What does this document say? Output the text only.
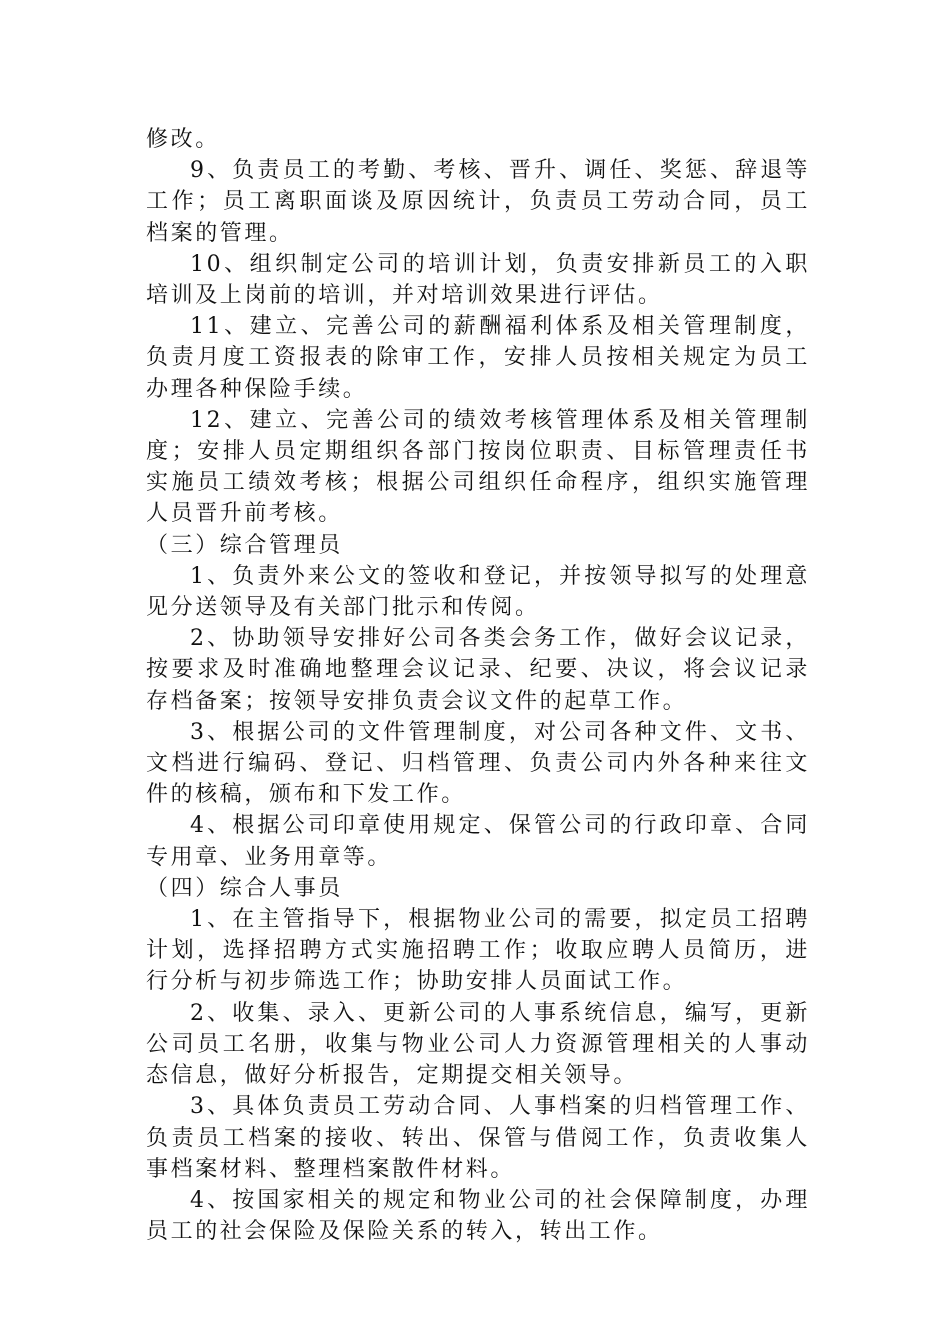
修改。

9、负责员工的考勤、考核、晋升、调任、奖惩、辞退等工作；员工离职面谈及原因统计，负责员工劳动合同，员工档案的管理。

10、组织制定公司的培训计划，负责安排新员工的入职培训及上岗前的培训，并对培训效果进行评估。

11、建立、完善公司的薪酬福利体系及相关管理制度，负责月度工资报表的除审工作，安排人员按相关规定为员工办理各种保险手续。

12、建立、完善公司的绩效考核管理体系及相关管理制度；安排人员定期组织各部门按岗位职责、目标管理责任书实施员工绩效考核；根据公司组织任命程序，组织实施管理人员晋升前考核。

（三）综合管理员

1、负责外来公文的签收和登记，并按领导拟写的处理意见分送领导及有关部门批示和传阅。

2、协助领导安排好公司各类会务工作，做好会议记录，按要求及时准确地整理会议记录、纪要、决议，将会议记录存档备案；按领导安排负责会议文件的起草工作。

3、根据公司的文件管理制度，对公司各种文件、文书、文档进行编码、登记、归档管理、负责公司内外各种来往文件的核稿，颁布和下发工作。

4、根据公司印章使用规定、保管公司的行政印章、合同专用章、业务用章等。

（四）综合人事员

1、在主管指导下，根据物业公司的需要，拟定员工招聘计划，选择招聘方式实施招聘工作；收取应聘人员简历，进行分析与初步筛选工作；协助安排人员面试工作。

2、收集、录入、更新公司的人事系统信息，编写，更新公司员工名册，收集与物业公司人力资源管理相关的人事动态信息，做好分析报告，定期提交相关领导。

3、具体负责员工劳动合同、人事档案的归档管理工作、负责员工档案的接收、转出、保管与借阅工作，负责收集人事档案材料、整理档案散件材料。

4、按国家相关的规定和物业公司的社会保障制度，办理员工的社会保险及保险关系的转入，转出工作。
